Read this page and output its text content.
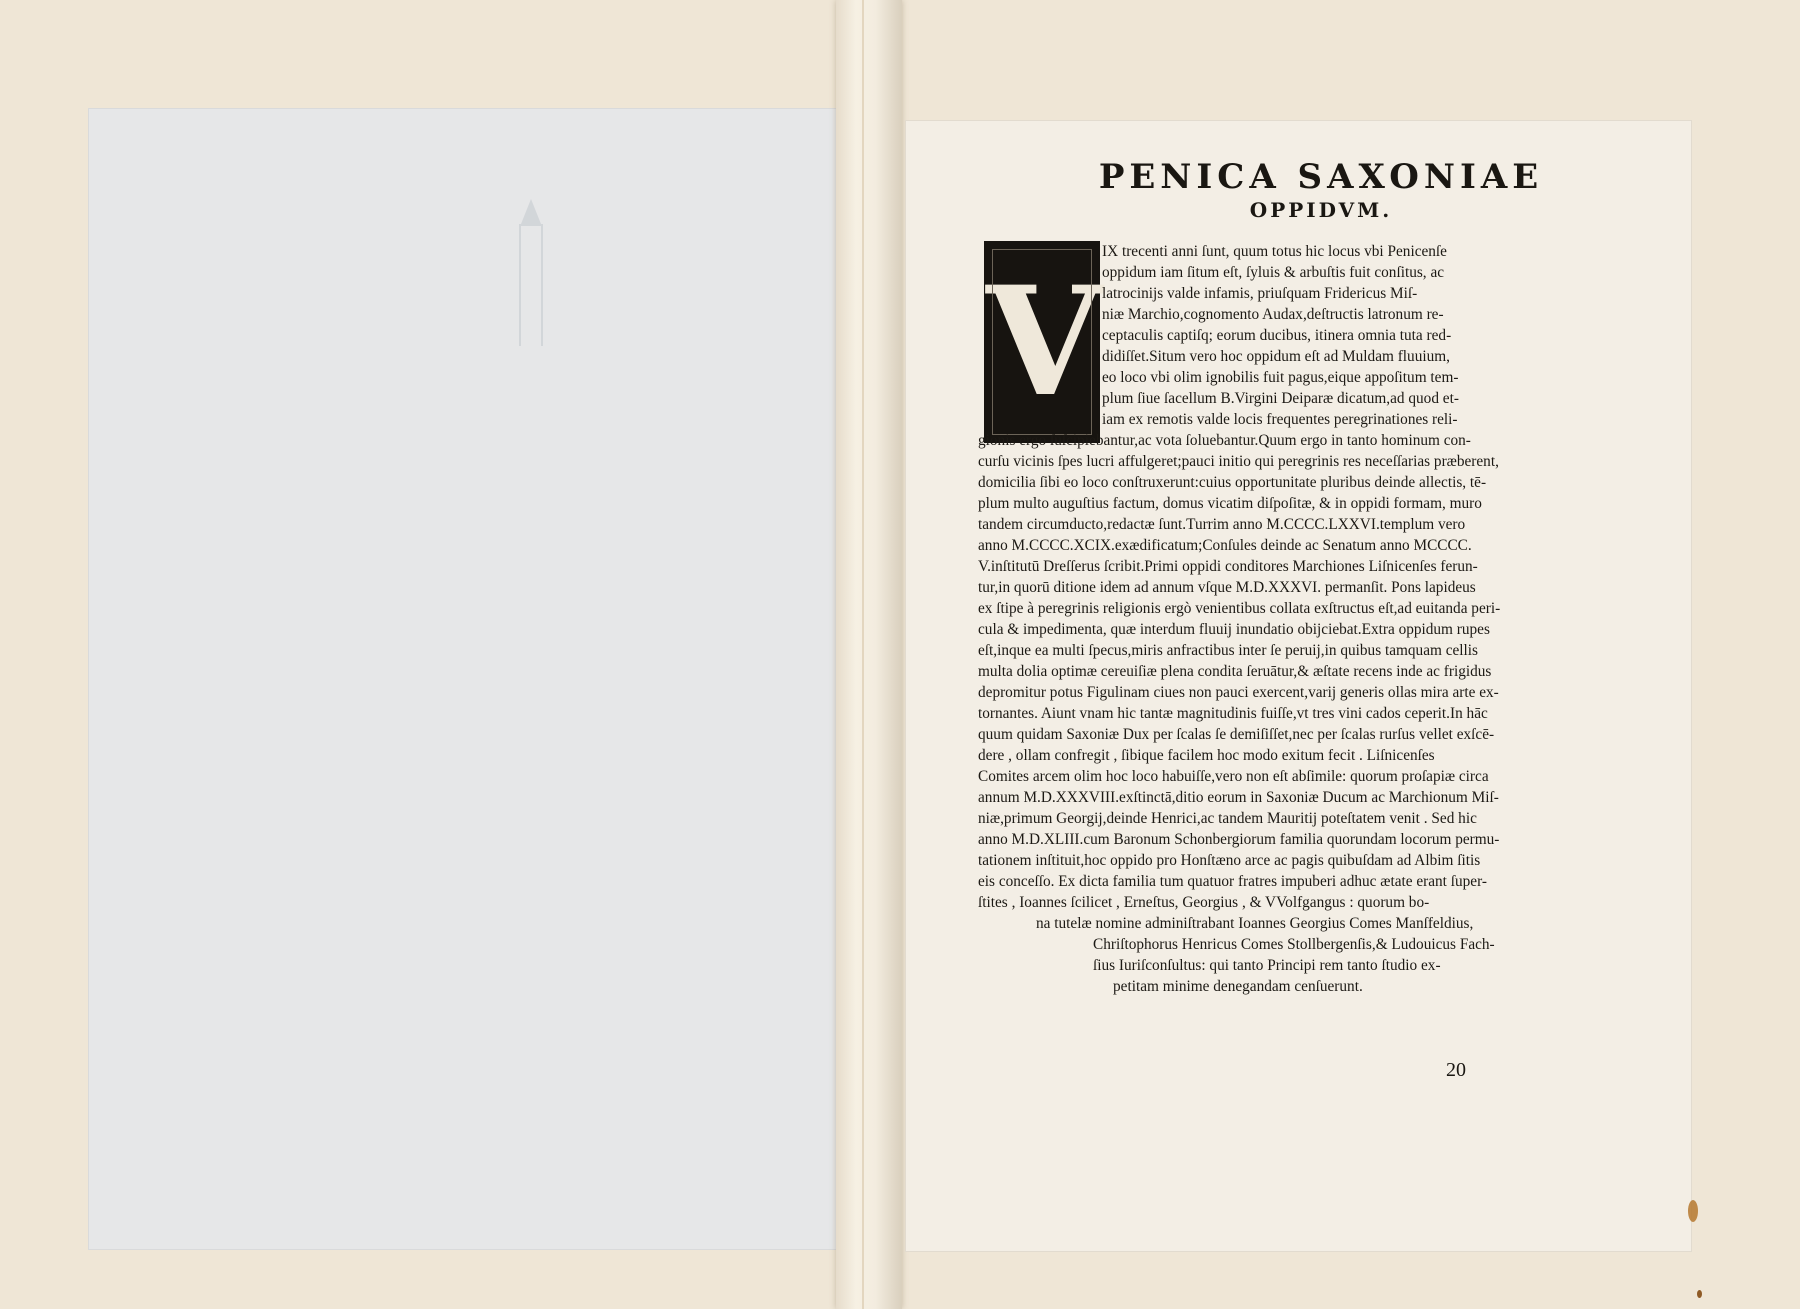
PENICA SAXONIAE
OPPIDVM.
V
IX trecenti anni ſunt, quum totus hic locus vbi Penicenſe
oppidum iam ſitum eſt, ſyluis & arbuſtis fuit conſitus, ac
latrocinijs valde infamis, priuſquam Fridericus Miſ-
niæ Marchio,cognomento Audax,deſtructis latronum re-
ceptaculis captiſq; eorum ducibus, itinera omnia tuta red-
didiſſet.Situm vero hoc oppidum eſt ad Muldam fluuium,
eo loco vbi olim ignobilis fuit pagus,eique appoſitum tem-
plum ſiue ſacellum B.Virgini Deiparæ dicatum,ad quod et-
iam ex remotis valde locis frequentes peregrinationes reli-
gionis ergo ſuſcipiebantur,ac vota ſoluebantur.Quum ergo in tanto hominum con-
curſu vicinis ſpes lucri affulgeret;pauci initio qui peregrinis res neceſſarias præberent,
domicilia ſibi eo loco conſtruxerunt:cuius opportunitate pluribus deinde allectis, tē-
plum multo auguſtius factum, domus vicatim diſpoſitæ, & in oppidi formam, muro
tandem circumducto,redactæ ſunt.Turrim anno M.CCCC.LXXVI.templum vero
anno M.CCCC.XCIX.exædificatum;Conſules deinde ac Senatum anno MCCCC.
V.inſtitutū Dreſſerus ſcribit.Primi oppidi conditores Marchiones Liſnicenſes ferun-
tur,in quorū ditione idem ad annum vſque M.D.XXXVI. permanſit. Pons lapideus
ex ſtipe à peregrinis religionis ergò venientibus collata exſtructus eſt,ad euitanda peri-
cula & impedimenta, quæ interdum fluuij inundatio obijciebat.Extra oppidum rupes
eſt,inque ea multi ſpecus,miris anfractibus inter ſe peruij,in quibus tamquam cellis
multa dolia optimæ cereuiſiæ plena condita ſeruātur,& æſtate recens inde ac frigidus
depromitur potus Figulinam ciues non pauci exercent,varij generis ollas mira arte ex-
tornantes. Aiunt vnam hic tantæ magnitudinis fuiſſe,vt tres vini cados ceperit.In hāc
quum quidam Saxoniæ Dux per ſcalas ſe demiſiſſet,nec per ſcalas rurſus vellet exſcē-
dere , ollam confregit , ſibique facilem hoc modo exitum fecit . Liſnicenſes
Comites arcem olim hoc loco habuiſſe,vero non eſt abſimile: quorum proſapiæ circa
annum M.D.XXXVIII.exſtinctā,ditio eorum in Saxoniæ Ducum ac Marchionum Miſ-
niæ,primum Georgij,deinde Henrici,ac tandem Mauritij poteſtatem venit . Sed hic
anno M.D.XLIII.cum Baronum Schonbergiorum familia quorundam locorum permu-
tationem inſtituit,hoc oppido pro Honſtæno arce ac pagis quibuſdam ad Albim ſitis
eis conceſſo. Ex dicta familia tum quatuor fratres impuberi adhuc ætate erant ſuper-
ſtites , Ioannes ſcilicet , Erneſtus, Georgius , & VVolfgangus : quorum bo-
na tutelæ nomine adminiſtrabant Ioannes Georgius Comes Manſfeldius,
Chriſtophorus Henricus Comes Stollbergenſis,& Ludouicus Fach-
ſius Iuriſconſultus: qui tanto Principi rem tanto ſtudio ex-
petitam minime denegandam cenſuerunt.
20
